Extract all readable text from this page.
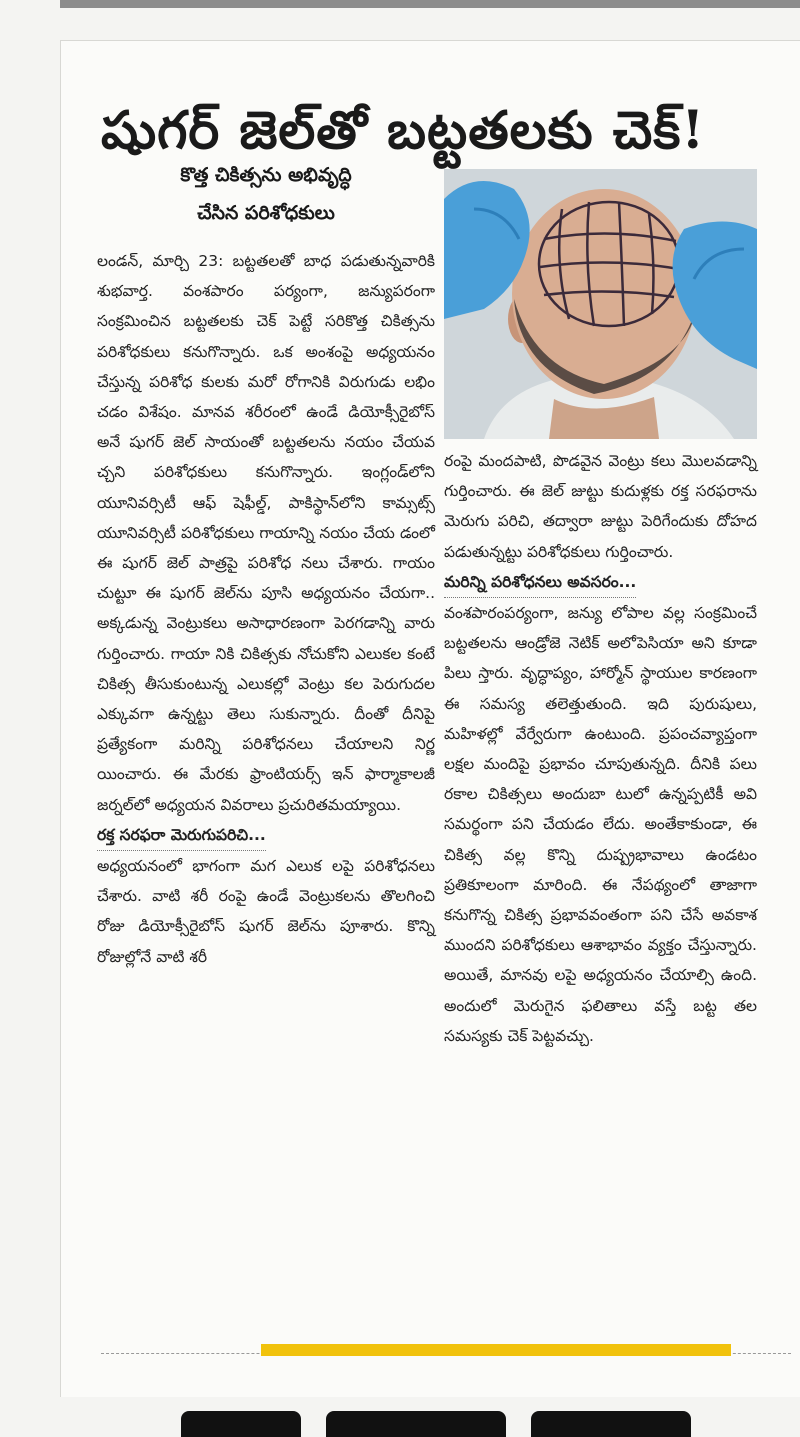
షుగర్ జెల్‌తో బట్టతలకు చెక్!
కొత్త చికిత్సను అభివృద్ధి
చేసిన పరిశోధకులు

లండన్, మార్చి 23: బట్టతలతో బాధ పడుతున్నవారికి శుభవార్త. వంశపారం పర్యంగా, జన్యుపరంగా సంక్రమించిన బట్టతలకు చెక్ పెట్టే సరికొత్త చికిత్సను పరిశోధకులు కనుగొన్నారు. ఒక అంశంపై అధ్యయనం చేస్తున్న పరిశోధ కులకు మరో రోగానికి విరుగుడు లభిం చడం విశేషం. మానవ శరీరంలో ఉండే డియోక్సీరైబోస్ అనే షుగర్ జెల్ సాయంతో బట్టతలను నయం చేయవ చ్చని పరిశోధకులు కనుగొన్నారు. ఇంగ్లండ్‌లోని యూనివర్సిటీ ఆఫ్ షెఫీల్డ్, పాకిస్థాన్‌లోని కామ్సట్స్ యూనివర్సిటీ పరిశోధకులు గాయాన్ని నయం చేయ డంలో ఈ షుగర్ జెల్ పాత్రపై పరిశోధ నలు చేశారు. గాయం చుట్టూ ఈ షుగర్ జెల్‌ను పూసి అధ్యయనం చేయగా.. అక్కడున్న వెంట్రుకలు అసాధారణంగా పెరగడాన్ని వారు గుర్తించారు. గాయా నికి చికిత్సకు నోచుకోని ఎలుకల కంటే చికిత్స తీసుకుంటున్న ఎలుకల్లో వెంట్రు కల పెరుగుదల ఎక్కువగా ఉన్నట్టు తెలు సుకున్నారు. దీంతో దీనిపై ప్రత్యేకంగా మరిన్ని పరిశోధనలు చేయాలని నిర్ణ యించారు. ఈ మేరకు ఫ్రాంటియర్స్ ఇన్ ఫార్మాకాలజీ జర్నల్‌లో అధ్యయన వివరాలు ప్రచురితమయ్యాయి.

రక్త సరఫరా మెరుగుపరిచి...

అధ్యయనంలో భాగంగా మగ ఎలుక లపై పరిశోధనలు చేశారు. వాటి శరీ రంపై ఉండే వెంట్రుకలను తొలగించి రోజు డియోక్సీరైబోస్ షుగర్ జెల్‌ను పూశారు. కొన్ని రోజుల్లోనే వాటి శరీ

రంపై మందపాటి, పొడవైన వెంట్రు కలు మొలవడాన్ని గుర్తించారు. ఈ జెల్ జుట్టు కుదుళ్లకు రక్త సరఫరాను మెరుగు పరిచి, తద్వారా జుట్టు పెరిగేందుకు దోహద పడుతున్నట్టు పరిశోధకులు గుర్తించారు.

మరిన్ని పరిశోధనలు అవసరం...

వంశపారంపర్యంగా, జన్యు లోపాల వల్ల సంక్రమించే బట్టతలను ఆండ్రోజె నెటిక్ అలోపెసియా అని కూడా పిలు స్తారు. వృద్ధాప్యం, హార్మోన్ స్థాయుల కారణంగా ఈ సమస్య తలెత్తుతుంది. ఇది పురుషులు, మహిళల్లో వేర్వేరుగా ఉంటుంది. ప్రపంచవ్యాప్తంగా లక్షల మందిపై ప్రభావం చూపుతున్నది. దీనికి పలు రకాల చికిత్సలు అందుబా టులో ఉన్నప్పటికీ అవి సమర్థంగా పని చేయడం లేదు. అంతేకాకుండా, ఈ చికిత్స వల్ల కొన్ని దుష్ప్రభావాలు ఉండటం ప్రతికూలంగా మారింది. ఈ నేపథ్యంలో తాజాగా కనుగొన్న చికిత్స ప్రభావవంతంగా పని చేసే అవకాశ ముందని పరిశోధకులు ఆశాభావం వ్యక్తం చేస్తున్నారు. అయితే, మానవు లపై అధ్యయనం చేయాల్సి ఉంది. అందులో మెరుగైన ఫలితాలు వస్తే బట్ట తల సమస్యకు చెక్ పెట్టవచ్చు.
